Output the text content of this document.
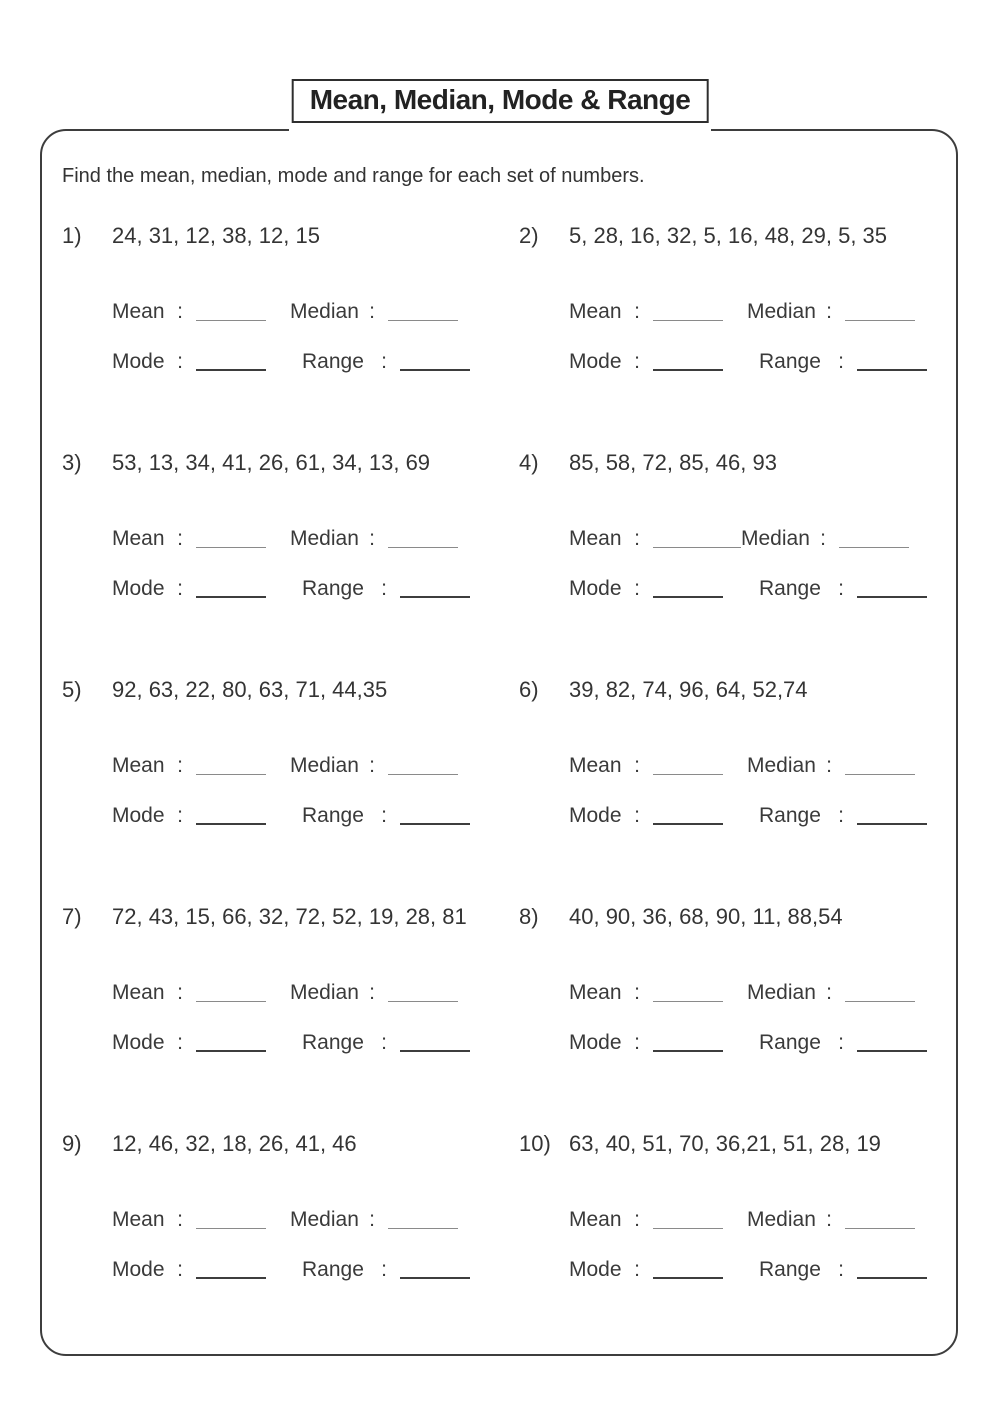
Mean, Median, Mode & Range
Find the mean, median, mode and range for each set of numbers.
1)	24, 31, 12, 38, 12, 15
Mean :	Median :
Mode :	Range :
2)	5, 28, 16, 32, 5, 16, 48, 29, 5, 35
Mean :	Median :
Mode :	Range :
3)	53, 13, 34, 41, 26, 61, 34, 13, 69
Mean :	Median :
Mode :	Range :
4)	85, 58, 72, 85, 46, 93
Mean :	Median :
Mode :	Range :
5)	92, 63, 22, 80, 63, 71, 44,35
Mean :	Median :
Mode :	Range :
6)	39, 82, 74, 96, 64, 52,74
Mean :	Median :
Mode :	Range :
7)	72, 43, 15, 66, 32, 72, 52, 19, 28, 81
Mean :	Median :
Mode :	Range :
8)	40, 90, 36, 68, 90, 11, 88,54
Mean :	Median :
Mode :	Range :
9)	12, 46, 32, 18, 26, 41, 46
Mean :	Median :
Mode :	Range :
10) 63, 40, 51, 70, 36,21, 51, 28, 19
Mean :	Median :
Mode :	Range :
